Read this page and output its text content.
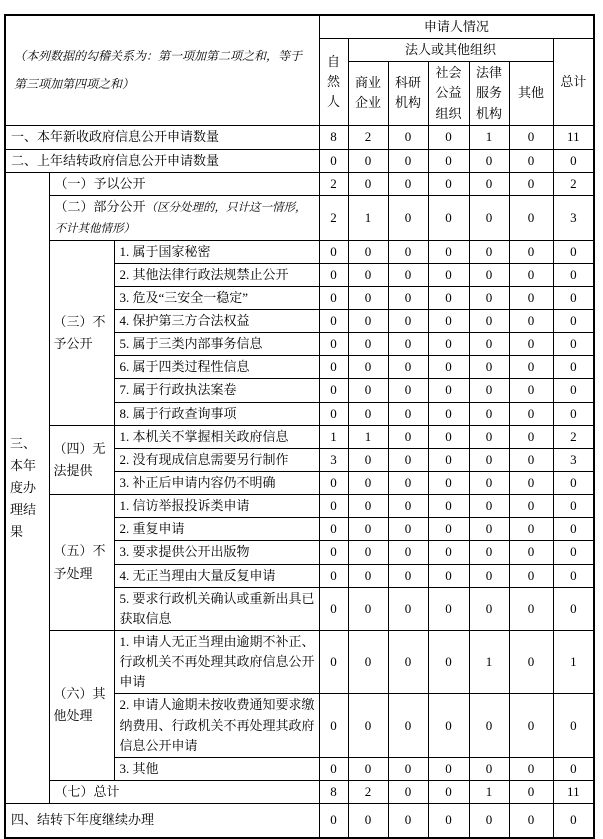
（本列数据的勾稽关系为：第一项加第二项之和，等于第三项加第四项之和）			申请人情况						
			自然人	法人或其他组织					总计
				商业企业	科研机构	社会公益组织	法律服务机构	其他	
一、本年新收政府信息公开申请数量			8	2	0	0	1	0	11
二、上年结转政府信息公开申请数量			0	0	0	0	0	0	0
三、本年度办理结果	（一）予以公开		2	0	0	0	0	0	2
	（二）部分公开（区分处理的，只计这一情形，不计其他情形）		2	1	0	0	0	0	3
	（三）不予公开	1. 属于国家秘密	0	0	0	0	0	0	0
		2. 其他法律行政法规禁止公开	0	0	0	0	0	0	0
		3. 危及“三安全一稳定”	0	0	0	0	0	0	0
		4. 保护第三方合法权益	0	0	0	0	0	0	0
		5. 属于三类内部事务信息	0	0	0	0	0	0	0
		6. 属于四类过程性信息	0	0	0	0	0	0	0
		7. 属于行政执法案卷	0	0	0	0	0	0	0
		8. 属于行政查询事项	0	0	0	0	0	0	0
	（四）无法提供	1. 本机关不掌握相关政府信息	1	1	0	0	0	0	2
		2. 没有现成信息需要另行制作	3	0	0	0	0	0	3
		3. 补正后申请内容仍不明确	0	0	0	0	0	0	0
	（五）不予处理	1. 信访举报投诉类申请	0	0	0	0	0	0	0
		2. 重复申请	0	0	0	0	0	0	0
		3. 要求提供公开出版物	0	0	0	0	0	0	0
		4. 无正当理由大量反复申请	0	0	0	0	0	0	0
		5. 要求行政机关确认或重新出具已获取信息	0	0	0	0	0	0	0
	（六）其他处理	1. 申请人无正当理由逾期不补正、行政机关不再处理其政府信息公开申请	0	0	0	0	1	0	1
		2. 申请人逾期未按收费通知要求缴纳费用、行政机关不再处理其政府信息公开申请	0	0	0	0	0	0	0
		3. 其他	0	0	0	0	0	0	0
	（七）总计		8	2	0	0	1	0	11
四、结转下年度继续办理			0	0	0	0	0	0	0
